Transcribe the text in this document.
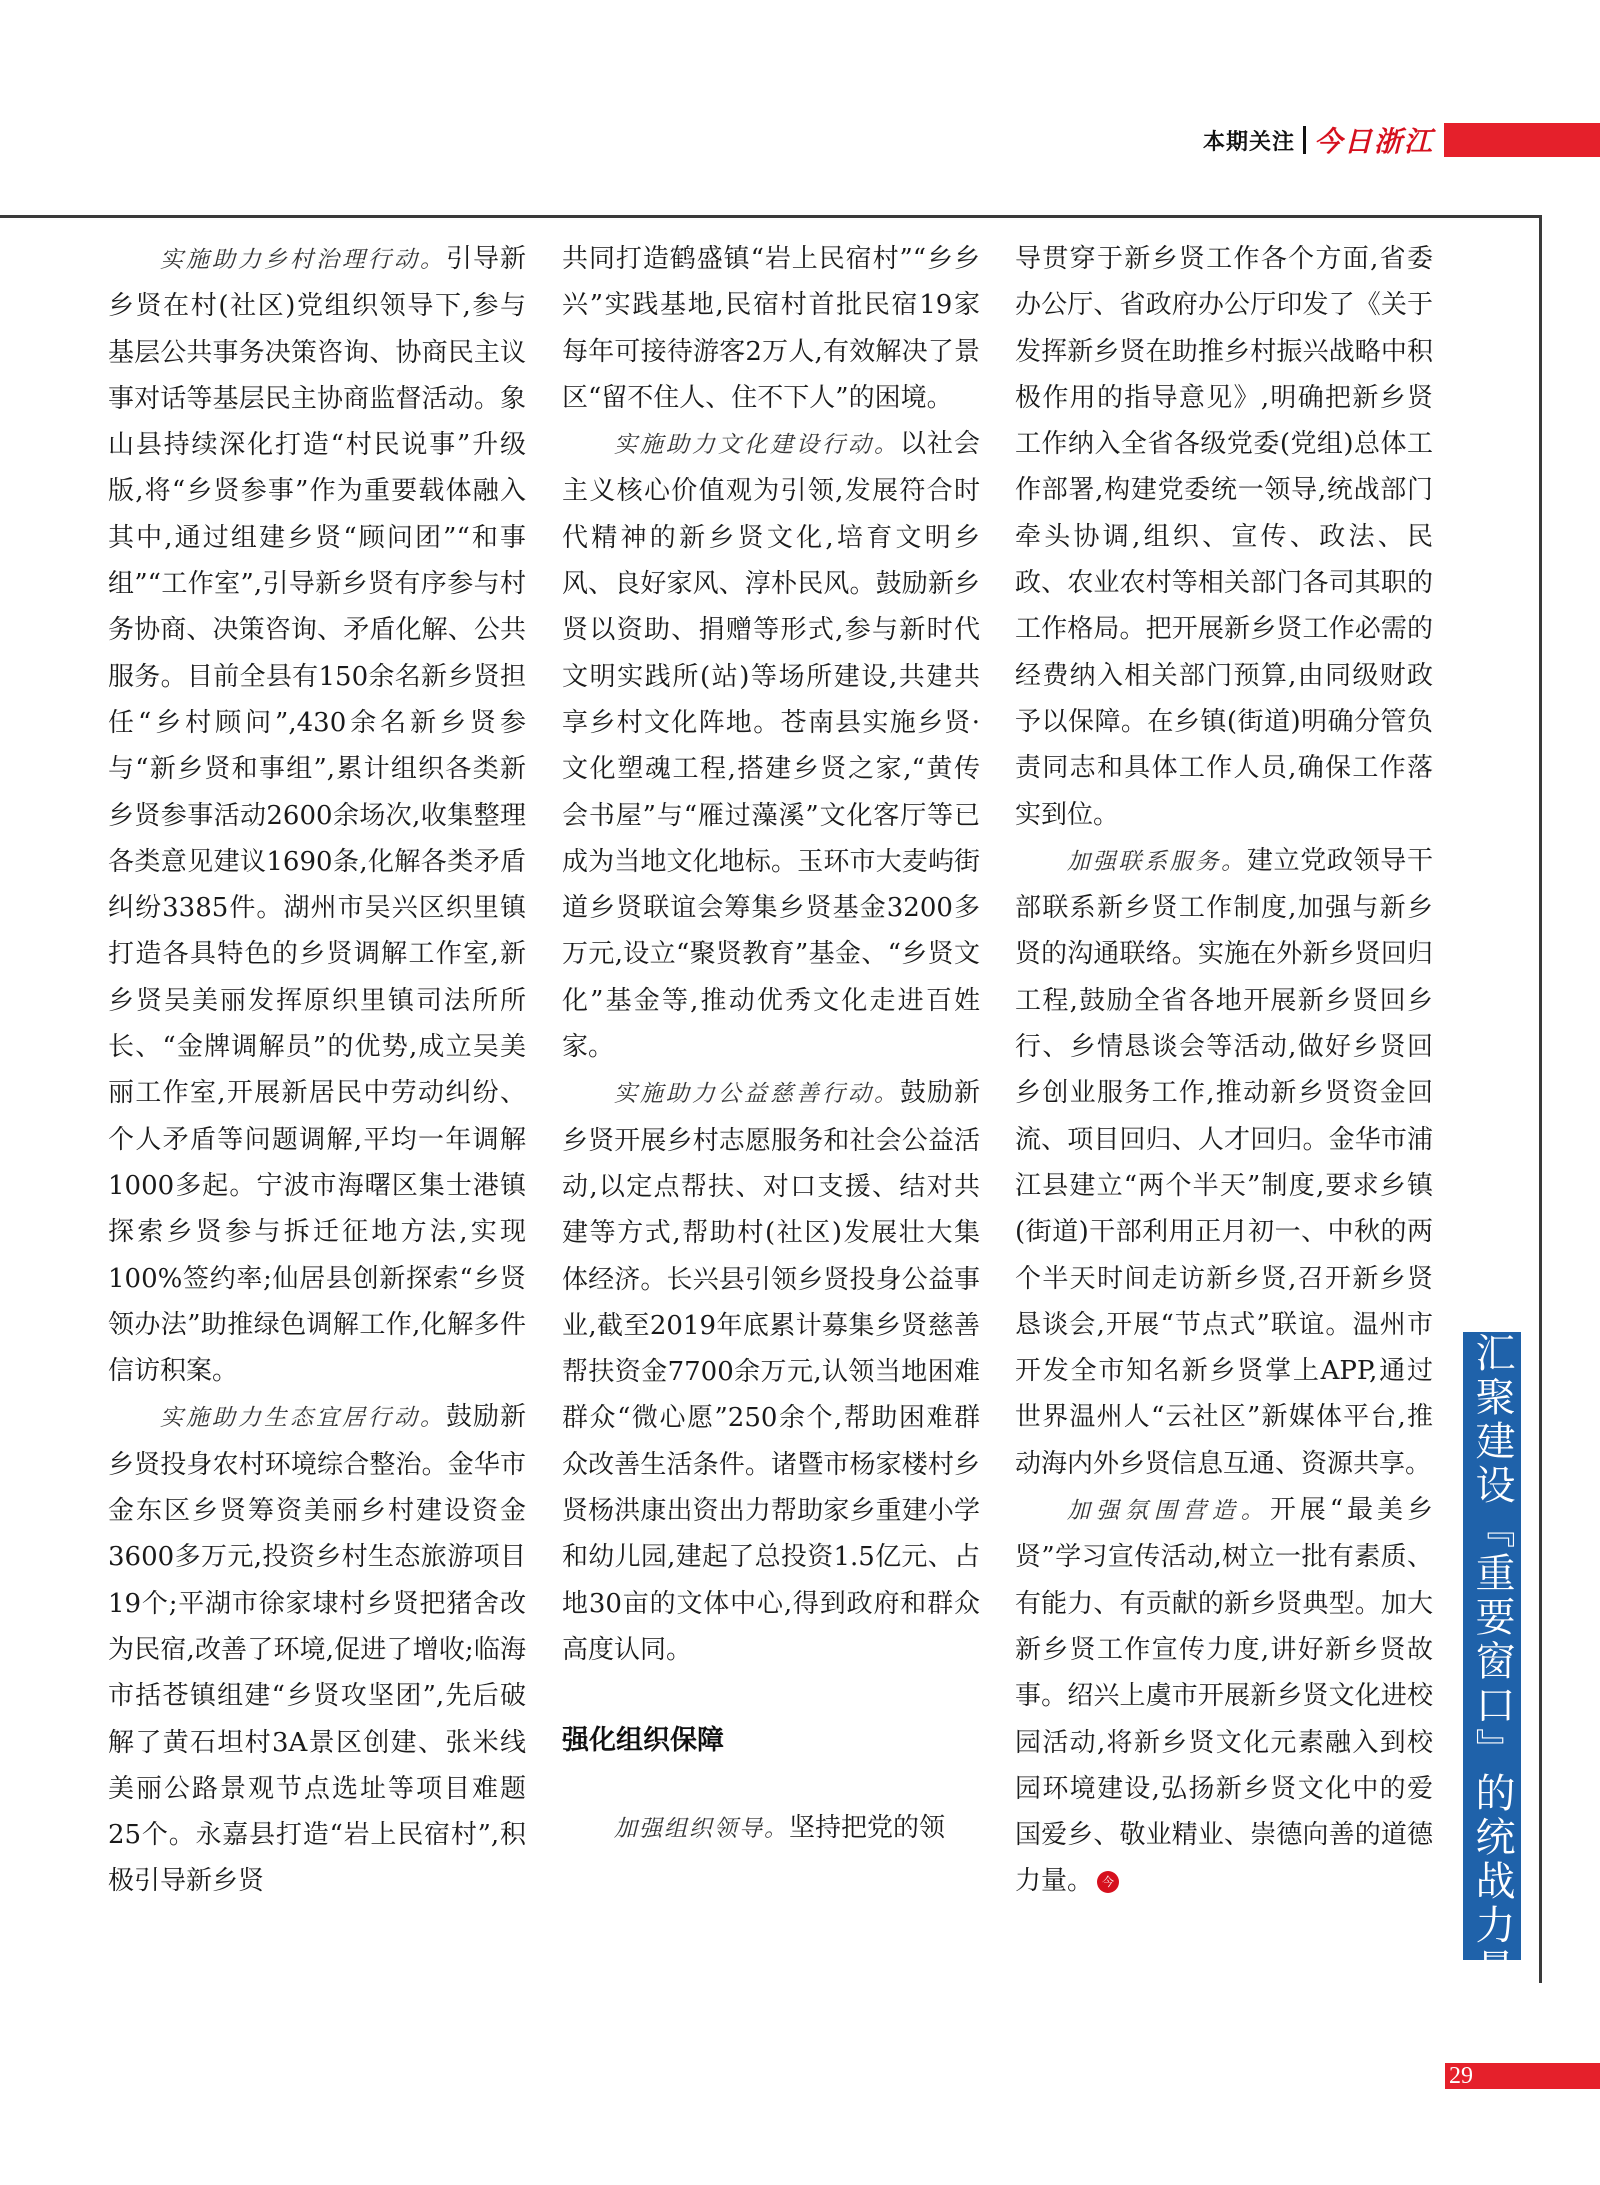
本期关注 今日浙江

实施助力乡村治理行动。引导新乡贤在村(社区)党组织领导下,参与基层公共事务决策咨询、协商民主议事对话等基层民主协商监督活动。象山县持续深化打造“村民说事”升级版,将“乡贤参事”作为重要载体融入其中,通过组建乡贤“顾问团”“和事组”“工作室”,引导新乡贤有序参与村务协商、决策咨询、矛盾化解、公共服务。目前全县有150余名新乡贤担任“乡村顾问”,430余名新乡贤参与“新乡贤和事组”,累计组织各类新乡贤参事活动2600余场次,收集整理各类意见建议1690条,化解各类矛盾纠纷3385件。湖州市吴兴区织里镇打造各具特色的乡贤调解工作室,新乡贤吴美丽发挥原织里镇司法所所长、“金牌调解员”的优势,成立吴美丽工作室,开展新居民中劳动纠纷、个人矛盾等问题调解,平均一年调解1000多起。宁波市海曙区集士港镇探索乡贤参与拆迁征地方法,实现100%签约率;仙居县创新探索“乡贤领办法”助推绿色调解工作,化解多件信访积案。

实施助力生态宜居行动。鼓励新乡贤投身农村环境综合整治。金华市金东区乡贤筹资美丽乡村建设资金3600多万元,投资乡村生态旅游项目19个;平湖市徐家埭村乡贤把猪舍改为民宿,改善了环境,促进了增收;临海市括苍镇组建“乡贤攻坚团”,先后破解了黄石坦村3A景区创建、张米线美丽公路景观节点选址等项目难题25个。永嘉县打造“岩上民宿村”,积极引导新乡贤

共同打造鹤盛镇“岩上民宿村”“乡乡兴”实践基地,民宿村首批民宿19家每年可接待游客2万人,有效解决了景区“留不住人、住不下人”的困境。

实施助力文化建设行动。以社会主义核心价值观为引领,发展符合时代精神的新乡贤文化,培育文明乡风、良好家风、淳朴民风。鼓励新乡贤以资助、捐赠等形式,参与新时代文明实践所(站)等场所建设,共建共享乡村文化阵地。苍南县实施乡贤·文化塑魂工程,搭建乡贤之家,“黄传会书屋”与“雁过藻溪”文化客厅等已成为当地文化地标。玉环市大麦屿街道乡贤联谊会筹集乡贤基金3200多万元,设立“聚贤教育”基金、“乡贤文化”基金等,推动优秀文化走进百姓家。

实施助力公益慈善行动。鼓励新乡贤开展乡村志愿服务和社会公益活动,以定点帮扶、对口支援、结对共建等方式,帮助村(社区)发展壮大集体经济。长兴县引领乡贤投身公益事业,截至2019年底累计募集乡贤慈善帮扶资金7700余万元,认领当地困难群众“微心愿”250余个,帮助困难群众改善生活条件。诸暨市杨家楼村乡贤杨洪康出资出力帮助家乡重建小学和幼儿园,建起了总投资1.5亿元、占地30亩的文体中心,得到政府和群众高度认同。

强化组织保障

加强组织领导。坚持把党的领

导贯穿于新乡贤工作各个方面,省委办公厅、省政府办公厅印发了《关于发挥新乡贤在助推乡村振兴战略中积极作用的指导意见》,明确把新乡贤工作纳入全省各级党委(党组)总体工作部署,构建党委统一领导,统战部门牵头协调,组织、宣传、政法、民政、农业农村等相关部门各司其职的工作格局。把开展新乡贤工作必需的经费纳入相关部门预算,由同级财政予以保障。在乡镇(街道)明确分管负责同志和具体工作人员,确保工作落实到位。

加强联系服务。建立党政领导干部联系新乡贤工作制度,加强与新乡贤的沟通联络。实施在外新乡贤回归工程,鼓励全省各地开展新乡贤回乡行、乡情恳谈会等活动,做好乡贤回乡创业服务工作,推动新乡贤资金回流、项目回归、人才回归。金华市浦江县建立“两个半天”制度,要求乡镇(街道)干部利用正月初一、中秋的两个半天时间走访新乡贤,召开新乡贤恳谈会,开展“节点式”联谊。温州市开发全市知名新乡贤掌上APP,通过世界温州人“云社区”新媒体平台,推动海内外乡贤信息互通、资源共享。

加强氛围营造。开展“最美乡贤”学习宣传活动,树立一批有素质、有能力、有贡献的新乡贤典型。加大新乡贤工作宣传力度,讲好新乡贤故事。绍兴上虞市开展新乡贤文化进校园活动,将新乡贤文化元素融入到校园环境建设,弘扬新乡贤文化中的爱国爱乡、敬业精业、崇德向善的道德力量。 今	汇聚建设『重要窗口』的统战力量
29
